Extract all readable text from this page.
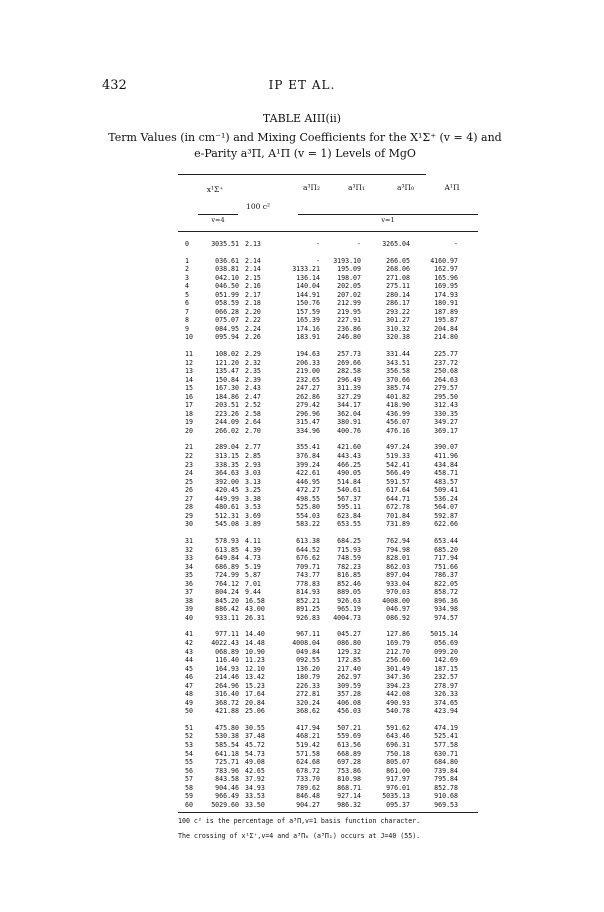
432	IP ET AL.
TABLE AIII(ii)
Term Values (in cm⁻¹) and Mixing Coefficients for the X¹Σ⁺ (v = 4) and
e-Parity a³Π, A¹Π (v = 1) Levels of MgO
x¹Σ⁺	a³Π₂	a³Π₁	a³Π₀	A¹Π
100 c²
v=4	v=1
0	3035.51	2.13	-	-	3265.04	-

1	036.61	2.14	-	3193.10	266.05	4160.97
2	038.81	2.14	3133.21	195.09	268.06	162.97
3	042.10	2.15	136.14	198.07	271.08	165.96
4	046.50	2.16	140.04	202.05	275.11	169.95
5	051.99	2.17	144.91	207.02	280.14	174.93
6	058.59	2.18	150.76	212.99	286.17	180.91
7	066.28	2.20	157.59	219.95	293.22	187.89
8	075.07	2.22	165.39	227.91	301.27	195.87
9	084.95	2.24	174.16	236.86	310.32	204.84
10	095.94	2.26	183.91	246.80	320.38	214.80

11	108.02	2.29	194.63	257.73	331.44	225.77
12	121.20	2.32	206.33	269.66	343.51	237.72
13	135.47	2.35	219.00	282.58	356.58	250.68
14	150.84	2.39	232.65	296.49	370.66	264.63
15	167.30	2.43	247.27	311.39	385.74	279.57
16	184.86	2.47	262.86	327.29	401.82	295.50
17	203.51	2.52	279.42	344.17	418.90	312.43
18	223.26	2.58	296.96	362.04	436.99	330.35
19	244.09	2.64	315.47	380.91	456.07	349.27
20	266.02	2.70	334.96	400.76	476.16	369.17

21	289.04	2.77	355.41	421.60	497.24	390.07
22	313.15	2.85	376.84	443.43	519.33	411.96
23	338.35	2.93	399.24	466.25	542.41	434.84
24	364.63	3.03	422.61	490.05	566.49	458.71
25	392.00	3.13	446.95	514.84	591.57	483.57
26	420.45	3.25	472.27	540.61	617.64	509.41
27	449.99	3.38	498.55	567.37	644.71	536.24
28	480.61	3.53	525.80	595.11	672.78	564.07
29	512.31	3.69	554.03	623.84	701.84	592.87
30	545.08	3.89	583.22	653.55	731.89	622.66

31	578.93	4.11	613.38	684.25	762.94	653.44
32	613.85	4.39	644.52	715.93	794.98	685.20
33	649.84	4.73	676.62	748.59	828.01	717.94
34	686.89	5.19	709.71	782.23	862.03	751.66
35	724.99	5.87	743.77	816.85	897.04	786.37
36	764.12	7.01	778.83	852.46	933.04	822.05
37	804.24	9.44	814.93	889.05	970.03	858.72
38	845.20	16.58	852.21	926.63	4008.00	896.36
39	886.42	43.00	891.25	965.19	046.97	934.98
40	933.11	26.31	926.83	4004.73	086.92	974.57

41	977.11	14.40	967.11	045.27	127.86	5015.14
42	4022.43	14.48	4008.04	086.80	169.79	056.69
43	068.89	10.90	049.84	129.32	212.70	099.20
44	116.40	11.23	092.55	172.85	256.60	142.69
45	164.93	12.10	136.20	217.40	301.49	187.15
46	214.46	13.42	180.79	262.97	347.36	232.57
47	264.96	15.23	226.33	309.59	394.23	278.97
48	316.40	17.64	272.81	357.28	442.08	326.33
49	368.72	20.84	320.24	406.08	490.93	374.65
50	421.88	25.06	368.62	456.03	540.78	423.94

51	475.80	30.55	417.94	507.21	591.62	474.19
52	530.38	37.48	468.21	559.69	643.46	525.41
53	585.54	45.72	519.42	613.56	696.31	577.58
54	641.18	54.73	571.58	668.89	750.18	630.71
55	725.71	49.08	624.68	697.28	805.07	684.80
56	783.96	42.65	678.72	753.86	861.00	739.84
57	843.58	37.92	733.70	810.98	917.97	795.84
58	904.46	34.93	789.62	868.71	976.01	852.78
59	966.49	33.53	846.48	927.14	5035.13	910.68
60	5029.60	33.50	904.27	986.32	095.37	969.53
100 c² is the percentage of a³Π,v=1 basis function character.
The crossing of x¹Σ⁺,v=4 and a³Π₀ (a³Π₁) occurs at J=40 (55).
